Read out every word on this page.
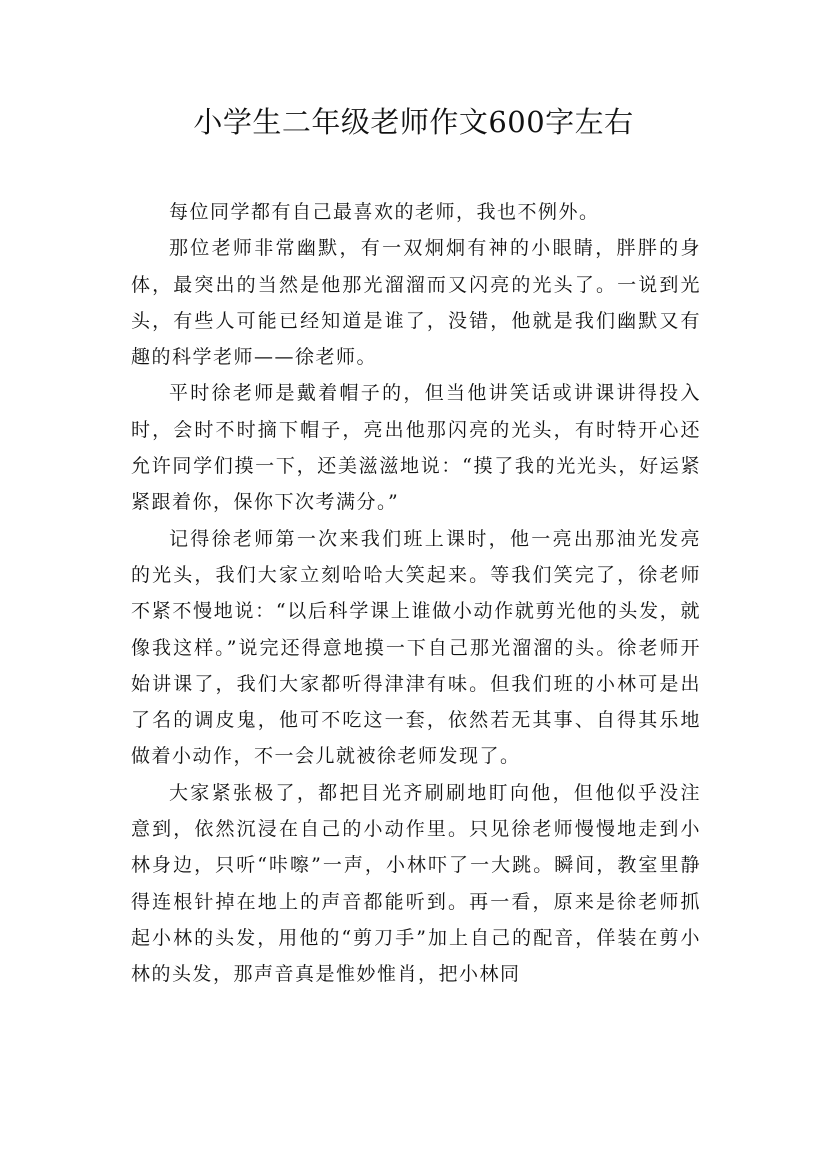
小学生二年级老师作文600字左右

每位同学都有自己最喜欢的老师，我也不例外。

那位老师非常幽默，有一双炯炯有神的小眼睛，胖胖的身体，最突出的当然是他那光溜溜而又闪亮的光头了。一说到光头，有些人可能已经知道是谁了，没错，他就是我们幽默又有趣的科学老师——徐老师。

平时徐老师是戴着帽子的，但当他讲笑话或讲课讲得投入时，会时不时摘下帽子，亮出他那闪亮的光头，有时特开心还允许同学们摸一下，还美滋滋地说：“摸了我的光光头，好运紧紧跟着你，保你下次考满分。”

记得徐老师第一次来我们班上课时，他一亮出那油光发亮的光头，我们大家立刻哈哈大笑起来。等我们笑完了，徐老师不紧不慢地说：“以后科学课上谁做小动作就剪光他的头发，就像我这样。”说完还得意地摸一下自己那光溜溜的头。徐老师开始讲课了，我们大家都听得津津有味。但我们班的小林可是出了名的调皮鬼，他可不吃这一套，依然若无其事、自得其乐地做着小动作，不一会儿就被徐老师发现了。

大家紧张极了，都把目光齐刷刷地盯向他，但他似乎没注意到，依然沉浸在自己的小动作里。只见徐老师慢慢地走到小林身边，只听“咔嚓”一声，小林吓了一大跳。瞬间，教室里静得连根针掉在地上的声音都能听到。再一看，原来是徐老师抓起小林的头发，用他的“剪刀手”加上自己的配音，佯装在剪小林的头发，那声音真是惟妙惟肖，把小林同
